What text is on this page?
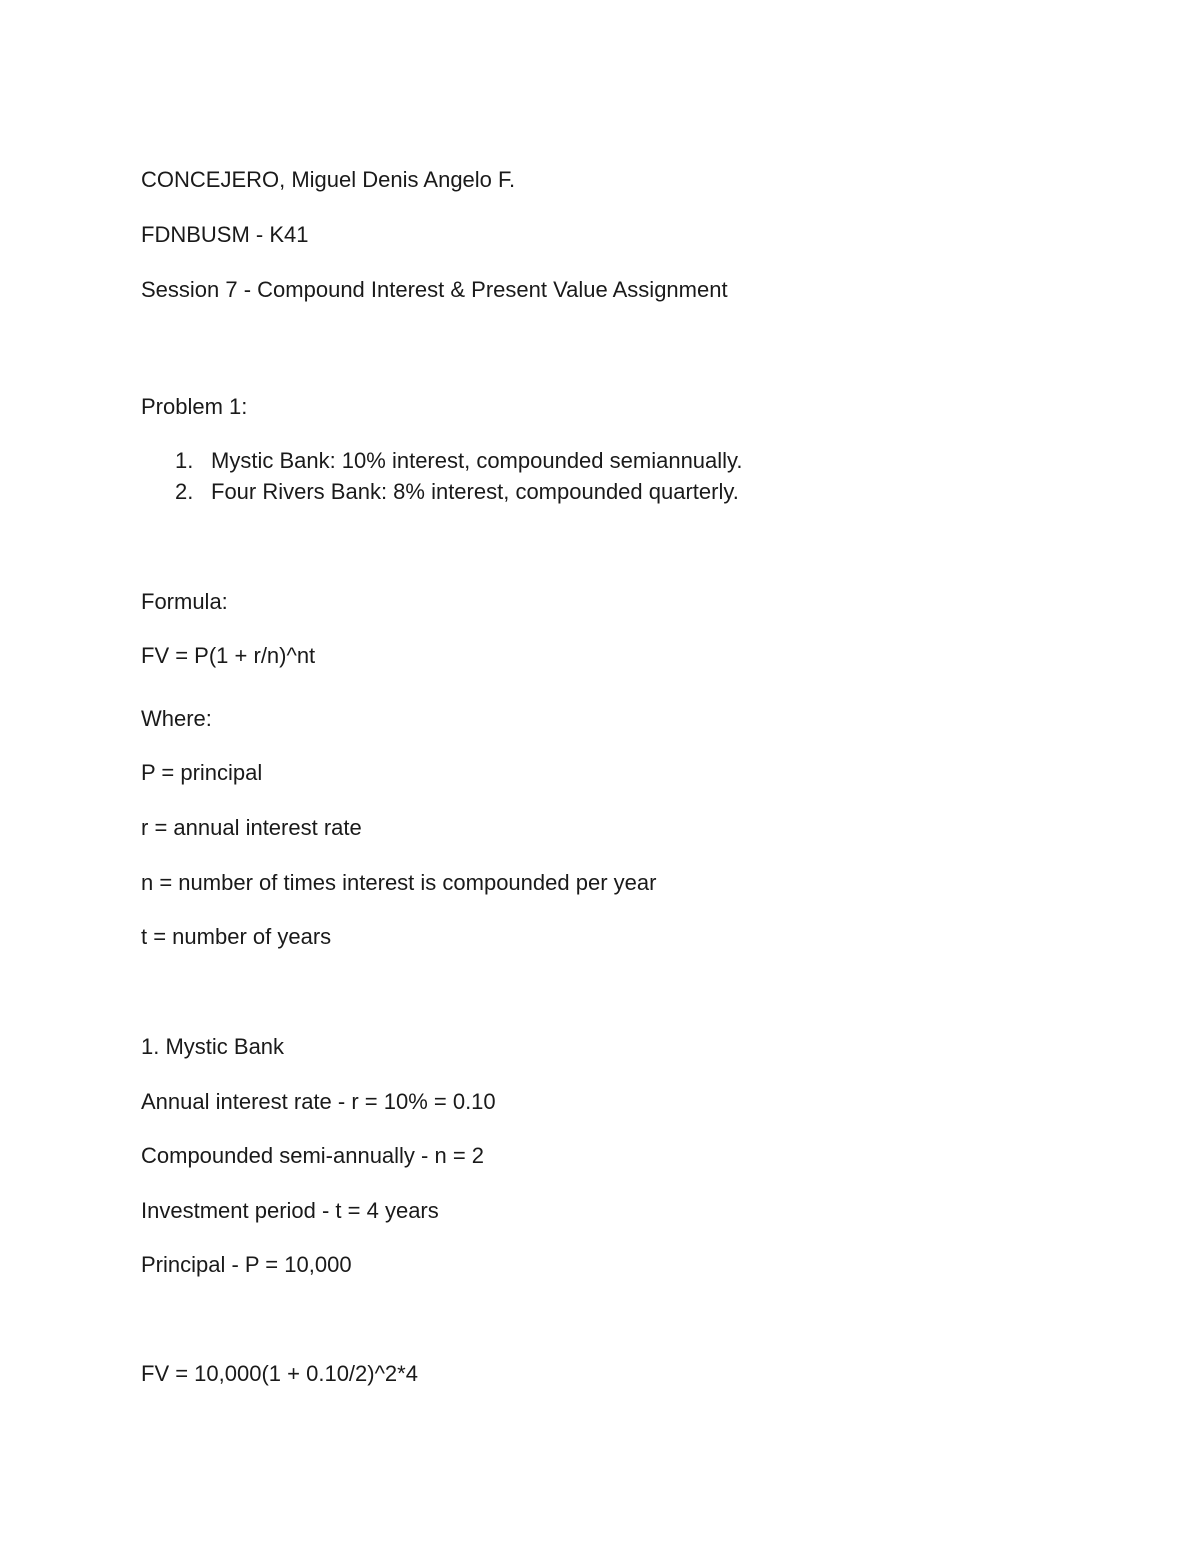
CONCEJERO, Miguel Denis Angelo F.
FDNBUSM - K41
Session 7 - Compound Interest & Present Value Assignment
Problem 1:
1. Mystic Bank: 10% interest, compounded semiannually.
2. Four Rivers Bank: 8% interest, compounded quarterly.
Formula:
FV = P(1 + r/n)^nt
Where:
P = principal
r = annual interest rate
n = number of times interest is compounded per year
t = number of years
1. Mystic Bank
Annual interest rate - r = 10% = 0.10
Compounded semi-annually - n = 2
Investment period - t = 4 years
Principal - P = 10,000
FV = 10,000(1 + 0.10/2)^2*4
